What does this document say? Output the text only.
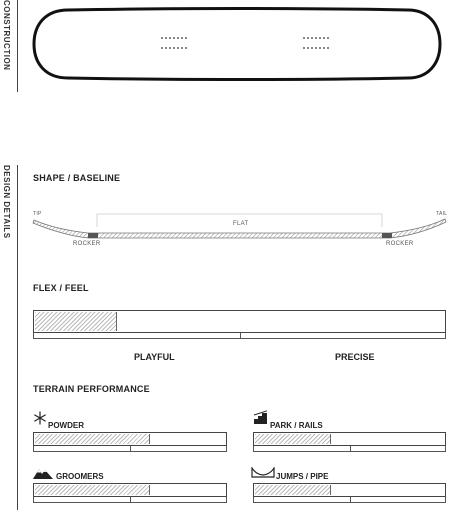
CONSTRUCTION
DESIGN DETAILS SHAPE / BASELINE
TIP	TAIL
FLAT
ROCKER	ROCKER
FLEX / FEEL
PLAYFUL	PRECISE
TERRAIN PERFORMANCE
POWDER	PARK / RAILS
GROOMERS	JUMPS / PIPE
